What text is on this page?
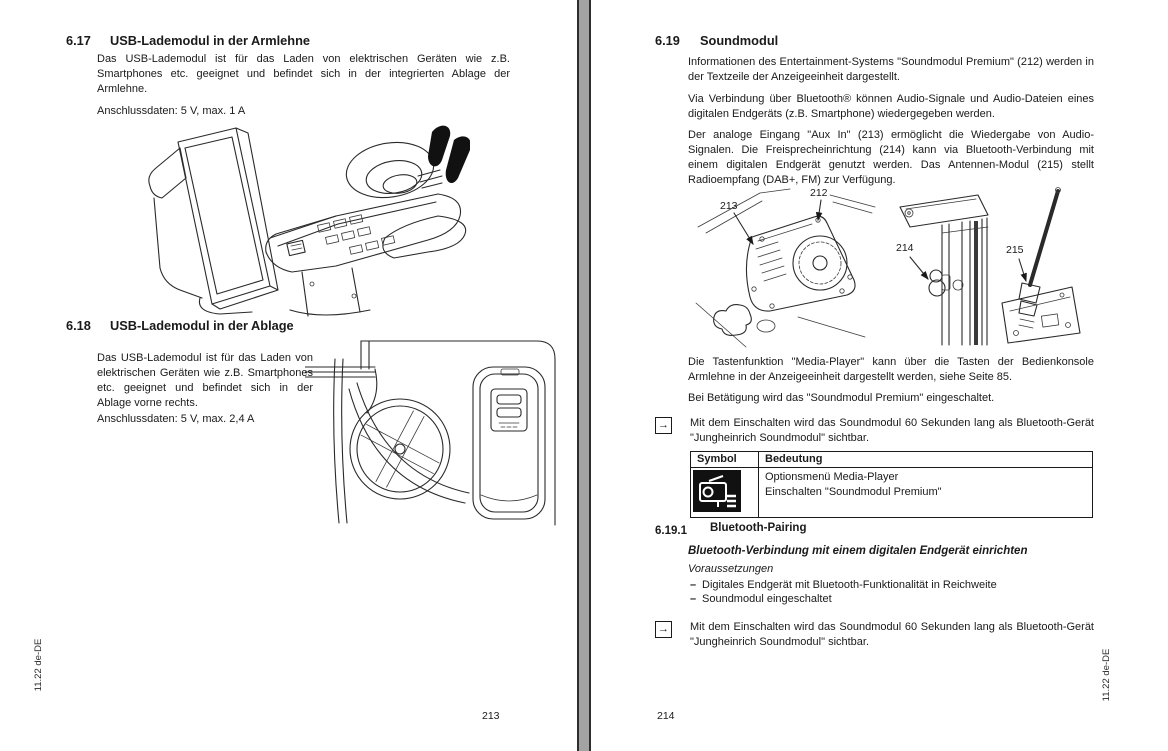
6.17 USB-Lademodul in der Armlehne
Das USB-Lademodul ist für das Laden von elektrischen Geräten wie z.B. Smartphones etc. geeignet und befindet sich in der integrierten Ablage der Armlehne.
Anschlussdaten: 5 V, max. 1 A
6.18 USB-Lademodul in der Ablage
Das USB-Lademodul ist für das Laden von elektrischen Geräten wie z.B. Smartphones etc. geeignet und befindet sich in der Ablage vorne rechts.
Anschlussdaten: 5 V, max. 2,4 A
213
11.22 de-DE
6.19 Soundmodul
Informationen des Entertainment-Systems "Soundmodul Premium" (212) werden in der Textzeile der Anzeigeeinheit dargestellt.
Via Verbindung über Bluetooth® können Audio-Signale und Audio-Dateien eines digitalen Endgeräts (z.B. Smartphone) wiedergegeben werden.
Der analoge Eingang "Aux In" (213) ermöglicht die Wiedergabe von Audio-Signalen. Die Freisprecheinrichtung (214) kann via Bluetooth-Verbindung mit einem digitalen Endgerät genutzt werden. Das Antennen-Modul (215) stellt Radioempfang (DAB+, FM) zur Verfügung.
213
212
214	215
Die Tastenfunktion "Media-Player" kann über die Tasten der Bedienkonsole Armlehne in der Anzeigeeinheit dargestellt werden, siehe Seite 85.
Bei Betätigung wird das "Soundmodul Premium" eingeschaltet.
→ Mit dem Einschalten wird das Soundmodul 60 Sekunden lang als Bluetooth-Gerät "Jungheinrich Soundmodul" sichtbar.
Symbol	Bedeutung

Optionsmenü Media-Player
Einschalten "Soundmodul Premium"
6.19.1 Bluetooth-Pairing
Bluetooth-Verbindung mit einem digitalen Endgerät einrichten
Voraussetzungen
– Digitales Endgerät mit Bluetooth-Funktionalität in Reichweite
– Soundmodul eingeschaltet
→ Mit dem Einschalten wird das Soundmodul 60 Sekunden lang als Bluetooth-Gerät "Jungheinrich Soundmodul" sichtbar.
214
11.22 de-DE
